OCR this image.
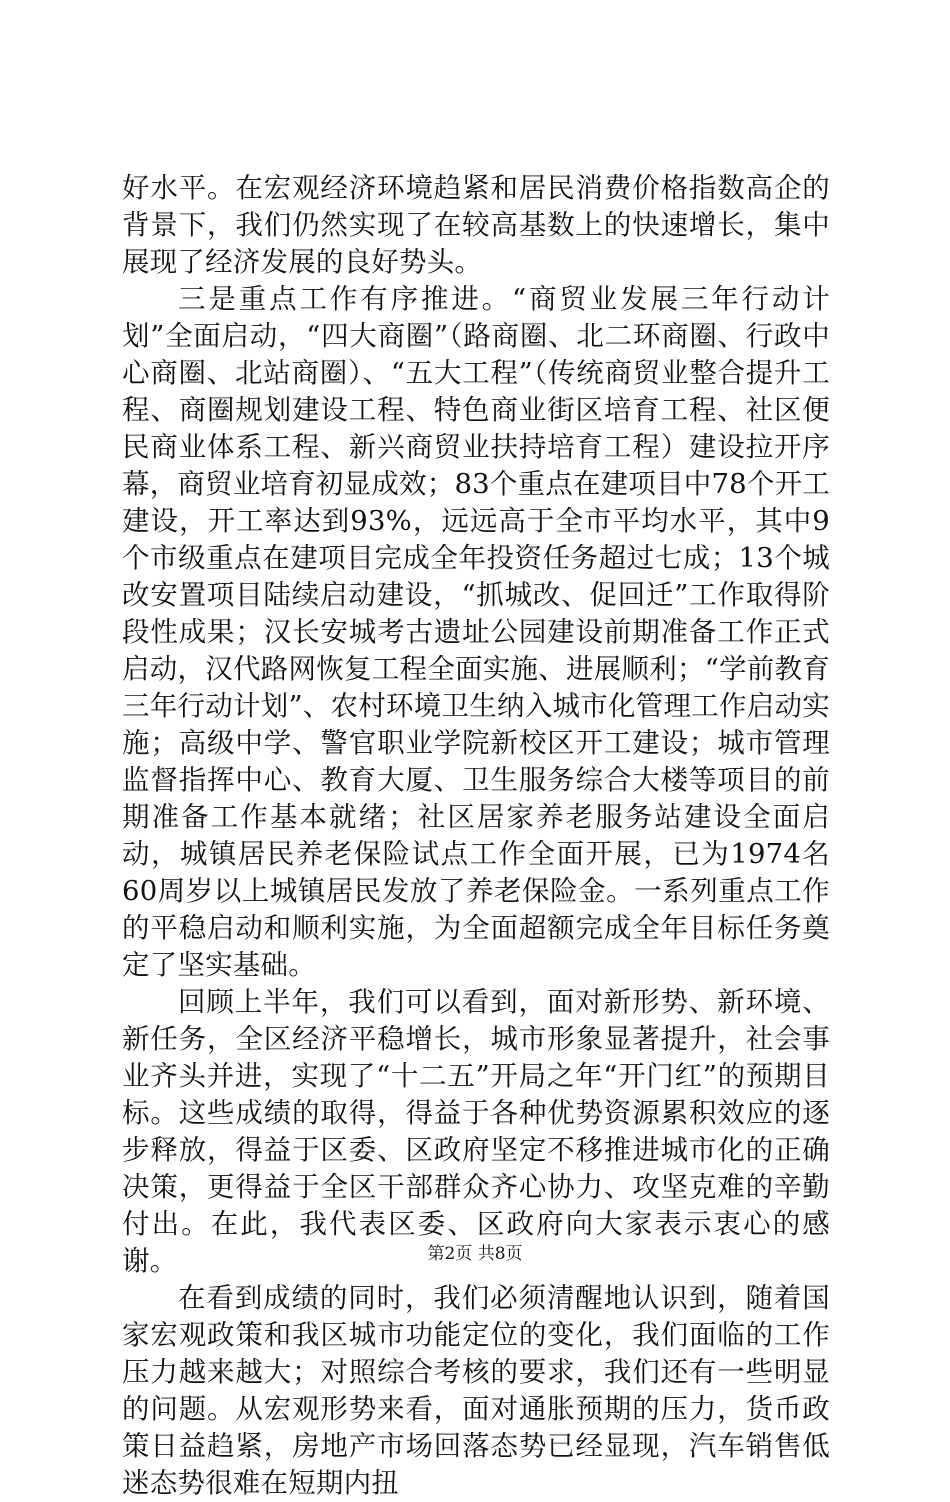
好水平。在宏观经济环境趋紧和居民消费价格指数高企的背景下，我们仍然实现了在较高基数上的快速增长，集中展现了经济发展的良好势头。

三是重点工作有序推进。“商贸业发展三年行动计划”全面启动，“四大商圈”（路商圈、北二环商圈、行政中心商圈、北站商圈）、“五大工程”（传统商贸业整合提升工程、商圈规划建设工程、特色商业街区培育工程、社区便民商业体系工程、新兴商贸业扶持培育工程）建设拉开序幕，商贸业培育初显成效；83个重点在建项目中78个开工建设，开工率达到93%，远远高于全市平均水平，其中9个市级重点在建项目完成全年投资任务超过七成；13个城改安置项目陆续启动建设，“抓城改、促回迁”工作取得阶段性成果；汉长安城考古遗址公园建设前期准备工作正式启动，汉代路网恢复工程全面实施、进展顺利；“学前教育三年行动计划”、农村环境卫生纳入城市化管理工作启动实施；高级中学、警官职业学院新校区开工建设；城市管理监督指挥中心、教育大厦、卫生服务综合大楼等项目的前期准备工作基本就绪；社区居家养老服务站建设全面启动，城镇居民养老保险试点工作全面开展，已为1974名60周岁以上城镇居民发放了养老保险金。一系列重点工作的平稳启动和顺利实施，为全面超额完成全年目标任务奠定了坚实基础。

回顾上半年，我们可以看到，面对新形势、新环境、新任务，全区经济平稳增长，城市形象显著提升，社会事业齐头并进，实现了“十二五”开局之年“开门红”的预期目标。这些成绩的取得，得益于各种优势资源累积效应的逐步释放，得益于区委、区政府坚定不移推进城市化的正确决策，更得益于全区干部群众齐心协力、攻坚克难的辛勤付出。在此，我代表区委、区政府向大家表示衷心的感谢。

在看到成绩的同时，我们必须清醒地认识到，随着国家宏观政策和我区城市功能定位的变化，我们面临的工作压力越来越大；对照综合考核的要求，我们还有一些明显的问题。从宏观形势来看，面对通胀预期的压力，货币政策日益趋紧，房地产市场回落态势已经显现，汽车销售低迷态势很难在短期内扭

第2页 共8页
